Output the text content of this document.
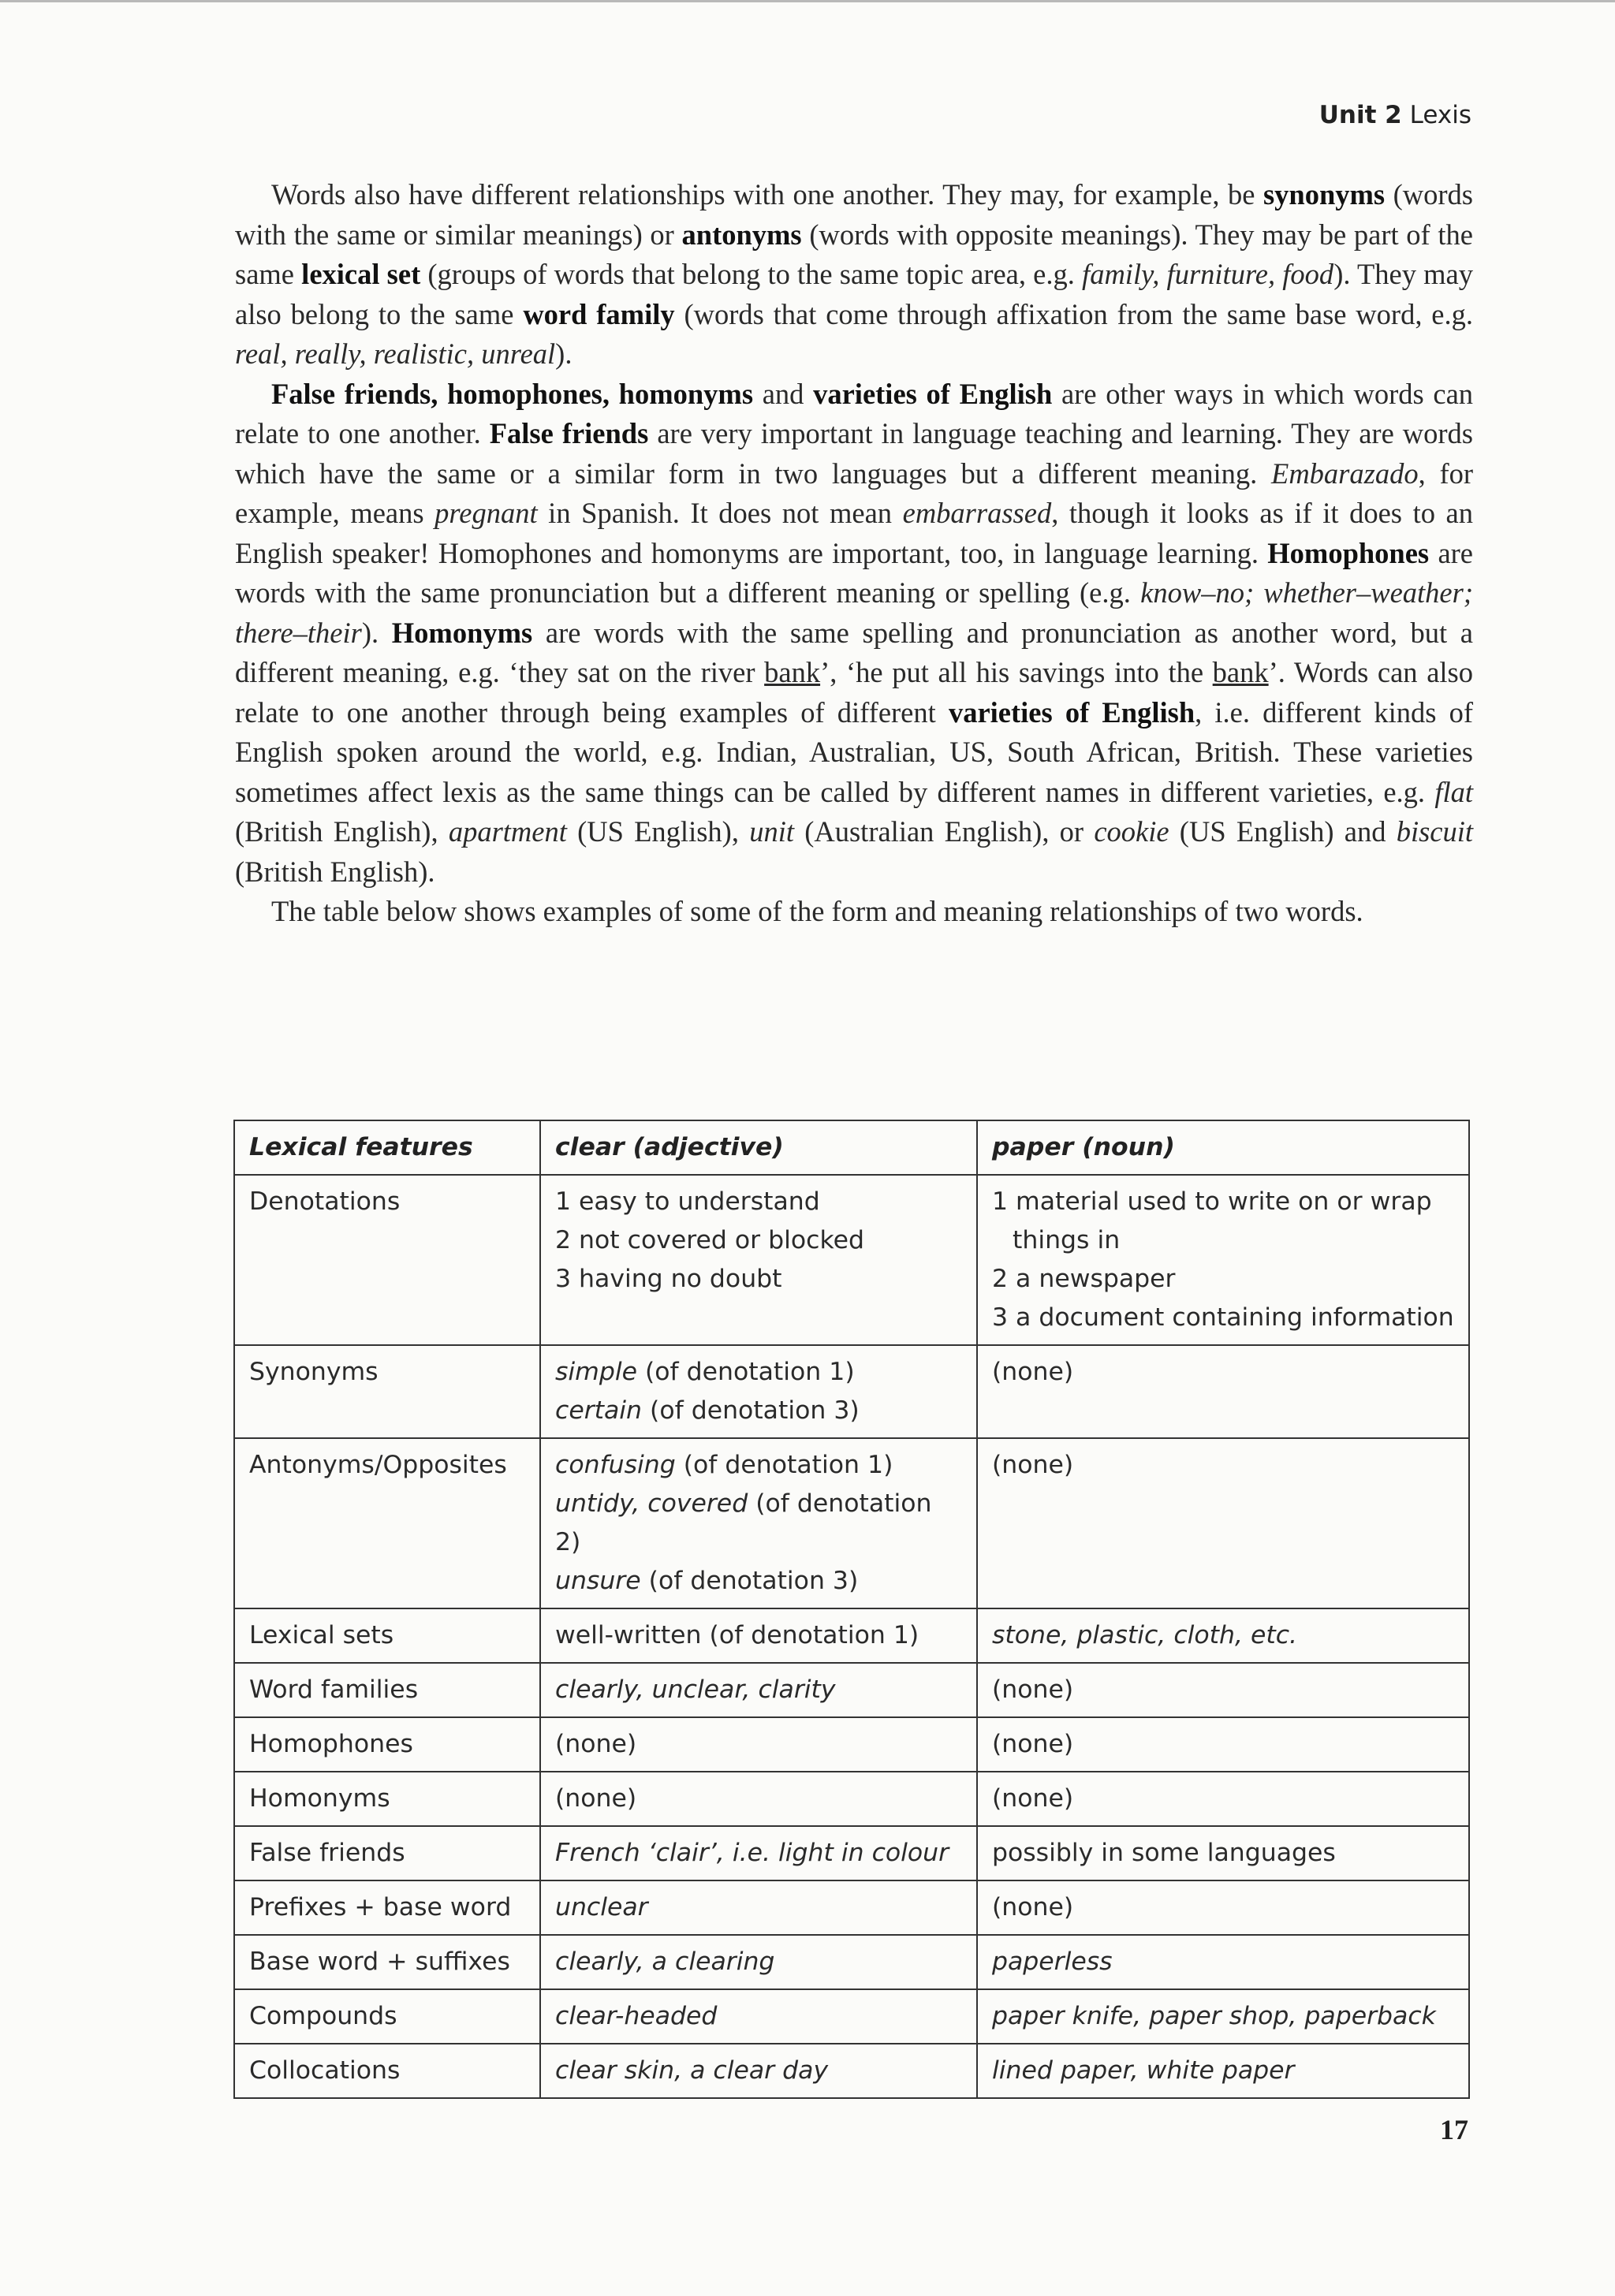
Unit 2 Lexis

Words also have different relationships with one another. They may, for example, be synonyms (words with the same or similar meanings) or antonyms (words with opposite meanings). They may be part of the same lexical set (groups of words that belong to the same topic area, e.g. family, furniture, food). They may also belong to the same word family (words that come through affixation from the same base word, e.g. real, really, realistic, unreal).

False friends, homophones, homonyms and varieties of English are other ways in which words can relate to one another. False friends are very important in language teaching and learning. They are words which have the same or a similar form in two languages but a different meaning. Embarazado, for example, means pregnant in Spanish. It does not mean embarrassed, though it looks as if it does to an English speaker! Homophones and homonyms are important, too, in language learning. Homophones are words with the same pronunciation but a different meaning or spelling (e.g. know–no; whether–weather; there–their). Homonyms are words with the same spelling and pronunciation as another word, but a different meaning, e.g. ‘they sat on the river bank’, ‘he put all his savings into the bank’. Words can also relate to one another through being examples of different varieties of English, i.e. different kinds of English spoken around the world, e.g. Indian, Australian, US, South African, British. These varieties sometimes affect lexis as the same things can be called by different names in different varieties, e.g. flat (British English), apartment (US English), unit (Australian English), or cookie (US English) and biscuit (British English).

The table below shows examples of some of the form and meaning relationships of two words.

Lexical features	clear (adjective)	paper (noun)
Denotations	1 easy to understand
2 not covered or blocked
3 having no doubt	1 material used to write on or wrap
things in
2 a newspaper
3 a document containing information

Synonyms	simple (of denotation 1)
certain (of denotation 3)	(none)
Antonyms/Opposites	confusing (of denotation 1)
untidy, covered (of denotation 2)
unsure (of denotation 3)	(none)
Lexical sets	well-written (of denotation 1)	stone, plastic, cloth, etc.
Word families	clearly, unclear, clarity	(none)
Homophones	(none)	(none)
Homonyms	(none)	(none)
False friends	French ‘clair’, i.e. light in colour	possibly in some languages
Prefixes + base word	unclear	(none)
Base word + suffixes	clearly, a clearing	paperless
Compounds	clear-headed	paper knife, paper shop, paperback
Collocations	clear skin, a clear day	lined paper, white paper
17
